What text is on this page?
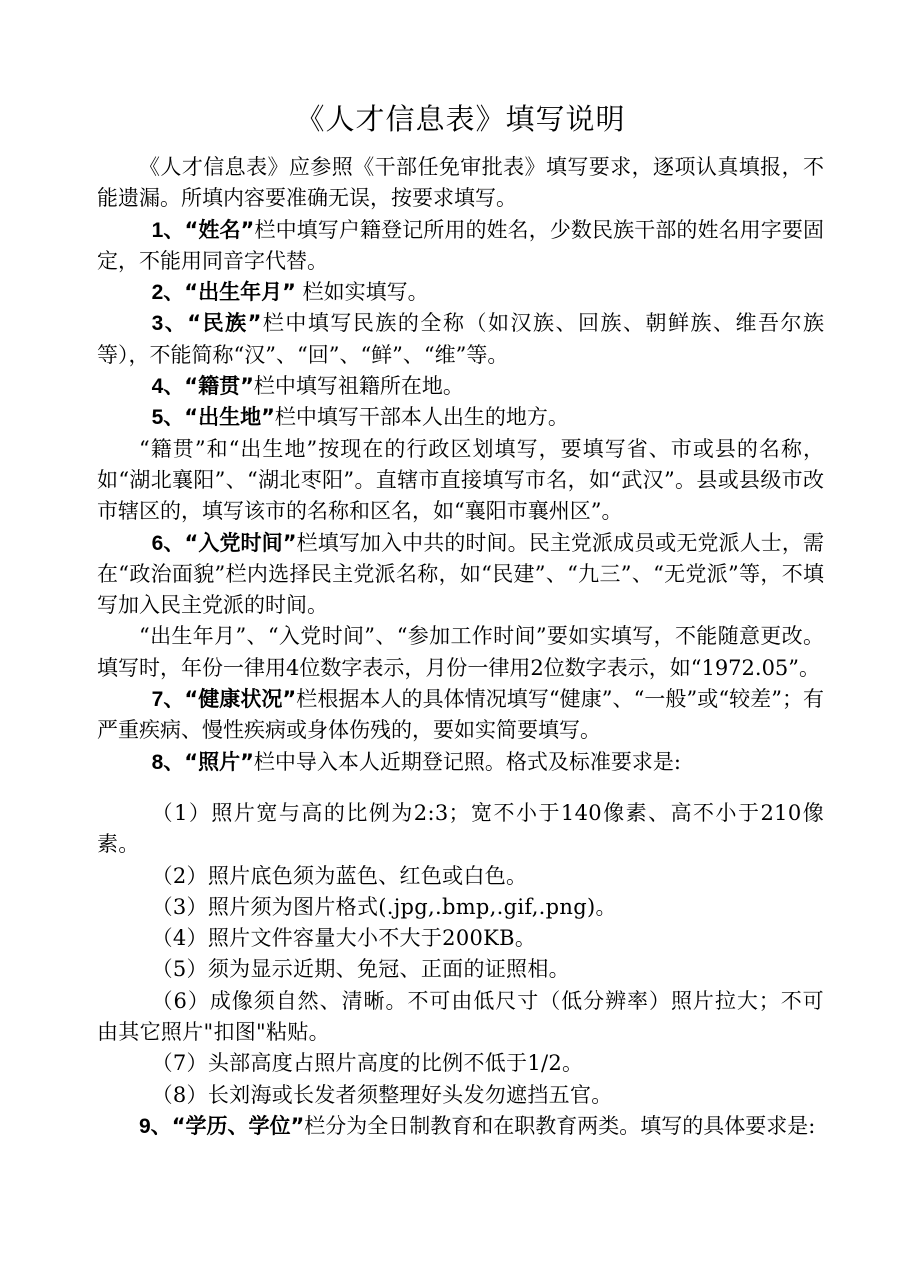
《人才信息表》填写说明

《人才信息表》应参照《干部任免审批表》填写要求，逐项认真填报，不能遗漏。所填内容要准确无误，按要求填写。

1、“姓名”栏中填写户籍登记所用的姓名，少数民族干部的姓名用字要固定，不能用同音字代替。

2、“出生年月” 栏如实填写。

3、“民族”栏中填写民族的全称（如汉族、回族、朝鲜族、维吾尔族等），不能简称“汉”、“回”、“鲜”、“维”等。

4、“籍贯”栏中填写祖籍所在地。

5、“出生地”栏中填写干部本人出生的地方。

“籍贯”和“出生地”按现在的行政区划填写，要填写省、市或县的名称，如“湖北襄阳”、“湖北枣阳”。直辖市直接填写市名，如“武汉”。县或县级市改市辖区的，填写该市的名称和区名，如“襄阳市襄州区”。

6、“入党时间”栏填写加入中共的时间。民主党派成员或无党派人士，需在“政治面貌”栏内选择民主党派名称，如“民建”、“九三”、“无党派”等，不填写加入民主党派的时间。

“出生年月”、“入党时间”、“参加工作时间”要如实填写，不能随意更改。填写时，年份一律用4位数字表示，月份一律用2位数字表示，如“1972.05”。

7、“健康状况”栏根据本人的具体情况填写“健康”、“一般”或“较差”；有严重疾病、慢性疾病或身体伤残的，要如实简要填写。

8、“照片”栏中导入本人近期登记照。格式及标准要求是:

（1）照片宽与高的比例为2:3；宽不小于140像素、高不小于210像素。

（2）照片底色须为蓝色、红色或白色。

（3）照片须为图片格式(.jpg,.bmp,.gif,.png)。

（4）照片文件容量大小不大于200KB。

（5）须为显示近期、免冠、正面的证照相。

（6）成像须自然、清晰。不可由低尺寸（低分辨率）照片拉大；不可由其它照片"扣图"粘贴。

（7）头部高度占照片高度的比例不低于1/2。

（8）长刘海或长发者须整理好头发勿遮挡五官。

9、“学历、学位”栏分为全日制教育和在职教育两类。填写的具体要求是:
